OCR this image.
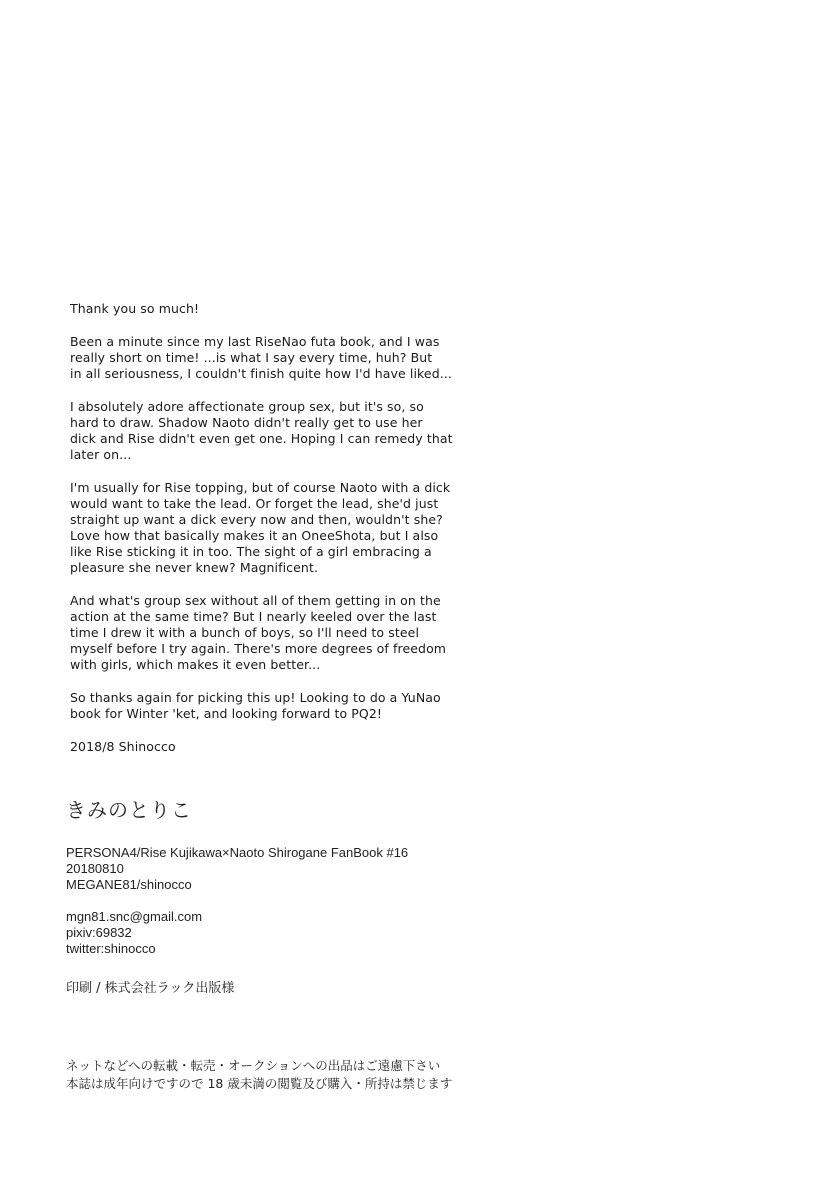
Thank you so much!

Been a minute since my last RiseNao futa book, and I was
really short on time! ...is what I say every time, huh? But
in all seriousness, I couldn't finish quite how I'd have liked...

I absolutely adore affectionate group sex, but it's so, so
hard to draw. Shadow Naoto didn't really get to use her
dick and Rise didn't even get one. Hoping I can remedy that
later on...

I'm usually for Rise topping, but of course Naoto with a dick
would want to take the lead. Or forget the lead, she'd just
straight up want a dick every now and then, wouldn't she?
Love how that basically makes it an OneeShota, but I also
like Rise sticking it in too. The sight of a girl embracing a
pleasure she never knew? Magnificent.

And what's group sex without all of them getting in on the
action at the same time? But I nearly keeled over the last
time I drew it with a bunch of boys, so I'll need to steel
myself before I try again. There's more degrees of freedom
with girls, which makes it even better...

So thanks again for picking this up! Looking to do a YuNao
book for Winter 'ket, and looking forward to PQ2!

2018/8 Shinocco

きみのとりこ
PERSONA4/Rise Kujikawa×Naoto Shirogane FanBook #16
20180810
MEGANE81/shinocco
mgn81.snc@gmail.com
pixiv:69832
twitter:shinocco
印刷 / 株式会社ラック出版様
ネットなどへの転載・転売・オークションへの出品はご遠慮下さい
本誌は成年向けですので 18 歳未満の閲覧及び購入・所持は禁じます
